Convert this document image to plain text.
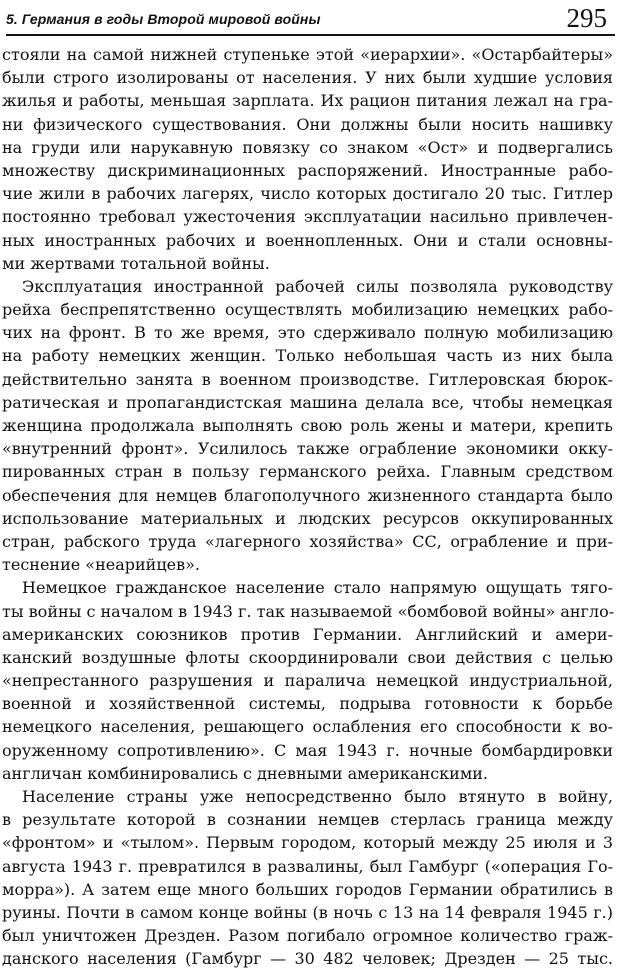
5. Германия в годы Второй мировой войны	295
стояли на самой нижней ступеньке этой «иерархии». «Остарбайтеры»
были строго изолированы от населения. У них были худшие условия
жилья и работы, меньшая зарплата. Их рацион питания лежал на гра-
ни физического существования. Они должны были носить нашивку
на груди или нарукавную повязку со знаком «Ост» и подвергались
множеству дискриминационных распоряжений. Иностранные рабо-
чие жили в рабочих лагерях, число которых достигало 20 тыс. Гитлер
постоянно требовал ужесточения эксплуатации насильно привлечен-
ных иностранных рабочих и военнопленных. Они и стали основны-
ми жертвами тотальной войны.
Эксплуатация иностранной рабочей силы позволяла руководству
рейха беспрепятственно осуществлять мобилизацию немецких рабо-
чих на фронт. В то же время, это сдерживало полную мобилизацию
на работу немецких женщин. Только небольшая часть из них была
действительно занята в военном производстве. Гитлеровская бюрок-
ратическая и пропагандистская машина делала все, чтобы немецкая
женщина продолжала выполнять свою роль жены и матери, крепить
«внутренний фронт». Усилилось также ограбление экономики окку-
пированных стран в пользу германского рейха. Главным средством
обеспечения для немцев благополучного жизненного стандарта было
использование материальных и людских ресурсов оккупированных
стран, рабского труда «лагерного хозяйства» СС, ограбление и при-
теснение «неарийцев».
Немецкое гражданское население стало напрямую ощущать тяго-
ты войны с началом в 1943 г. так называемой «бомбовой войны» англо-
американских союзников против Германии. Английский и амери-
канский воздушные флоты скоординировали свои действия с целью
«непрестанного разрушения и паралича немецкой индустриальной,
военной и хозяйственной системы, подрыва готовности к борьбе
немецкого населения, решающего ослабления его способности к во-
оруженному сопротивлению». С мая 1943 г. ночные бомбардировки
англичан комбинировались с дневными американскими.
Население страны уже непосредственно было втянуто в войну,
в результате которой в сознании немцев стерлась граница между
«фронтом» и «тылом». Первым городом, который между 25 июля и 3
августа 1943 г. превратился в развалины, был Гамбург («операция Го-
морра»). А затем еще много больших городов Германии обратились в
руины. Почти в самом конце войны (в ночь с 13 на 14 февраля 1945 г.)
был уничтожен Дрезден. Разом погибало огромное количество граж-
данского населения (Гамбург — 30 482 человек; Дрезден — 25 тыс.
